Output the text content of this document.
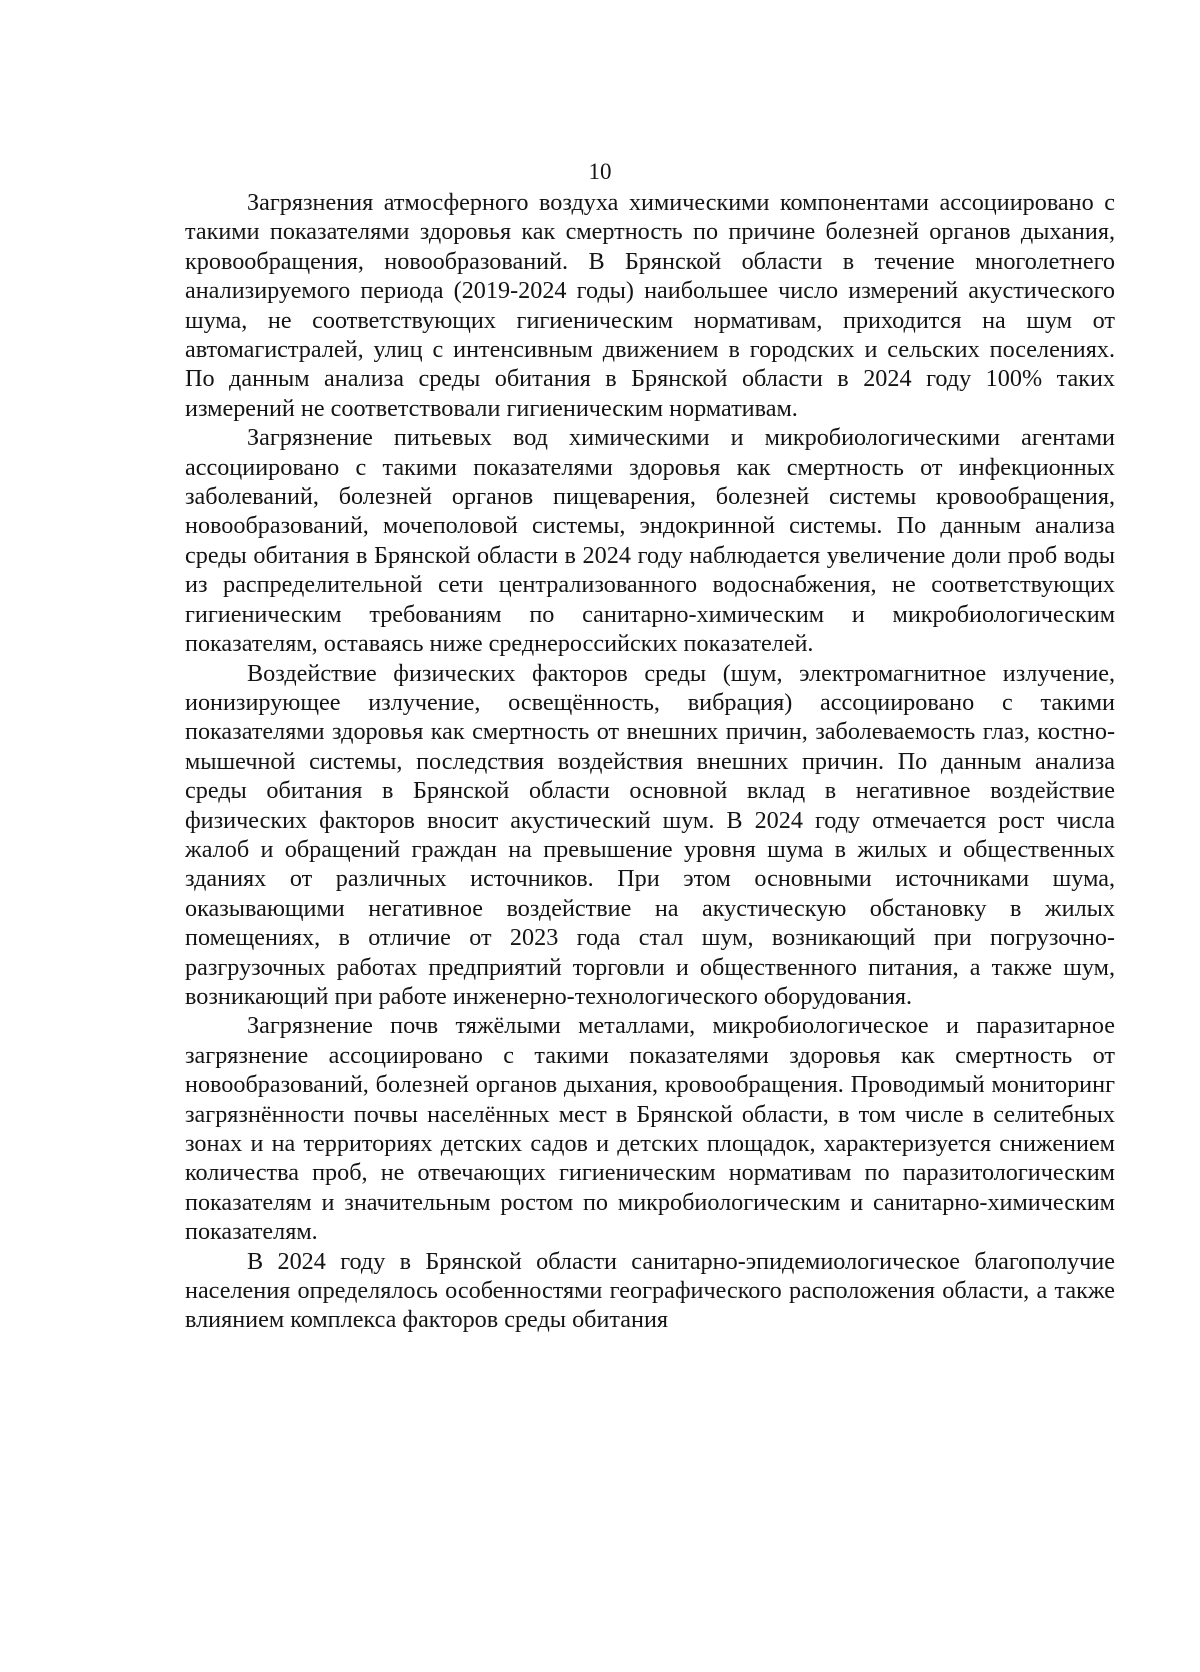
10

Загрязнения атмосферного воздуха химическими компонентами ассоциировано с такими показателями здоровья как смертность по причине болезней органов дыхания, кровообращения, новообразований. В Брянской области в течение многолетнего анализируемого периода (2019-2024 годы) наибольшее число измерений акустического шума, не соответствующих гигиеническим нормативам, приходится на шум от автомагистралей, улиц с интенсивным движением в городских и сельских поселениях. По данным анализа среды обитания в Брянской области в 2024 году 100% таких измерений не соответствовали гигиеническим нормативам.

Загрязнение питьевых вод химическими и микробиологическими агентами ассоциировано с такими показателями здоровья как смертность от инфекционных заболеваний, болезней органов пищеварения, болезней системы кровообращения, новообразований, мочеполовой системы, эндокринной системы. По данным анализа среды обитания в Брянской области в 2024 году наблюдается увеличение доли проб воды из распределительной сети централизованного водоснабжения, не соответствующих гигиеническим требованиям по санитарно-химическим и микробиологическим показателям, оставаясь ниже среднероссийских показателей.

Воздействие физических факторов среды (шум, электромагнитное излучение, ионизирующее излучение, освещённость, вибрация) ассоциировано с такими показателями здоровья как смертность от внешних причин, заболеваемость глаз, костно-мышечной системы, последствия воздействия внешних причин. По данным анализа среды обитания в Брянской области основной вклад в негативное воздействие физических факторов вносит акустический шум. В 2024 году отмечается рост числа жалоб и обращений граждан на превышение уровня шума в жилых и общественных зданиях от различных источников. При этом основными источниками шума, оказывающими негативное воздействие на акустическую обстановку в жилых помещениях, в отличие от 2023 года стал шум, возникающий при погрузочно-разгрузочных работах предприятий торговли и общественного питания, а также шум, возникающий при работе инженерно-технологического оборудования.

Загрязнение почв тяжёлыми металлами, микробиологическое и паразитарное загрязнение ассоциировано с такими показателями здоровья как смертность от новообразований, болезней органов дыхания, кровообращения. Проводимый мониторинг загрязнённости почвы населённых мест в Брянской области, в том числе в селитебных зонах и на территориях детских садов и детских площадок, характеризуется снижением количества проб, не отвечающих гигиеническим нормативам по паразитологическим показателям и значительным ростом по микробиологическим и санитарно-химическим показателям.

В 2024 году в Брянской области санитарно-эпидемиологическое благополучие населения определялось особенностями географического расположения области, а также влиянием комплекса факторов среды обитания
